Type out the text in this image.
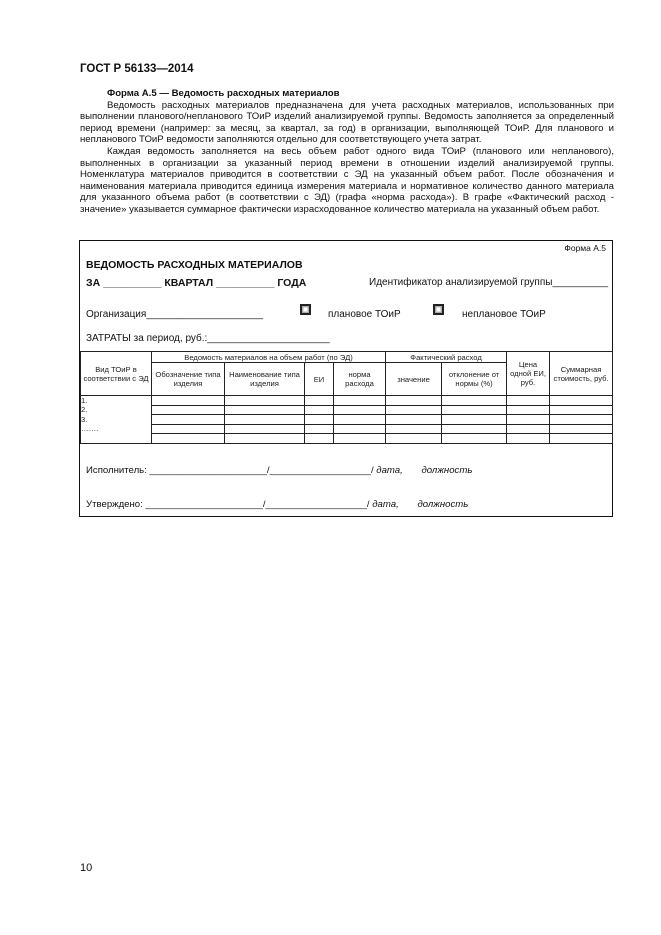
ГОСТ Р 56133—2014
Форма А.5 — Ведомость расходных материалов

Ведомость расходных материалов предназначена для учета расходных материалов, использованных при выполнении планового/непланового ТОиР изделий анализируемой группы. Ведомость заполняется за определенный период времени (например: за месяц, за квартал, за год) в организации, выполняющей ТОиР. Для планового и непланового ТОиР ведомости заполняются отдельно для соответствующего учета затрат.

Каждая ведомость заполняется на весь объем работ одного вида ТОиР (планового или непланового), выполненных в организации за указанный период времени в отношении изделий анализируемой группы. Номенклатура материалов приводится в соответствии с ЭД на указанный объем работ. После обозначения и наименования материала приводится единица измерения материала и нормативное количество данного материала для указанного объема работ (в соответствии с ЭД) (графа «норма расхода»). В графе «Фактический расход - значение» указывается суммарное фактически израсходованное количество материала на указанный объем работ.

Форма А.5
ВЕДОМОСТЬ РАСХОДНЫХ МАТЕРИАЛОВ
ЗА __________ КВАРТАЛ __________ ГОДА	Идентификатор анализируемой группы__________
Организация_____________________	плановое ТОиР	неплановое ТОиР
ЗАТРАТЫ за период, руб.:______________________
Вид ТОиР в соответствии с ЭД	Ведомость материалов на объем работ (по ЭД)				Фактический расход		Цена одной ЕИ, руб.	Суммарная стоимость, руб.
	Обозначение типа изделия	Наименование типа изделия	ЕИ	норма расхода	значение	отклонение от нормы (%)		

1.
2.
3.
…….								

Исполнитель: ______________________/___________________/ дата, должность
Утверждено: ______________________/___________________/ дата, должность
10
